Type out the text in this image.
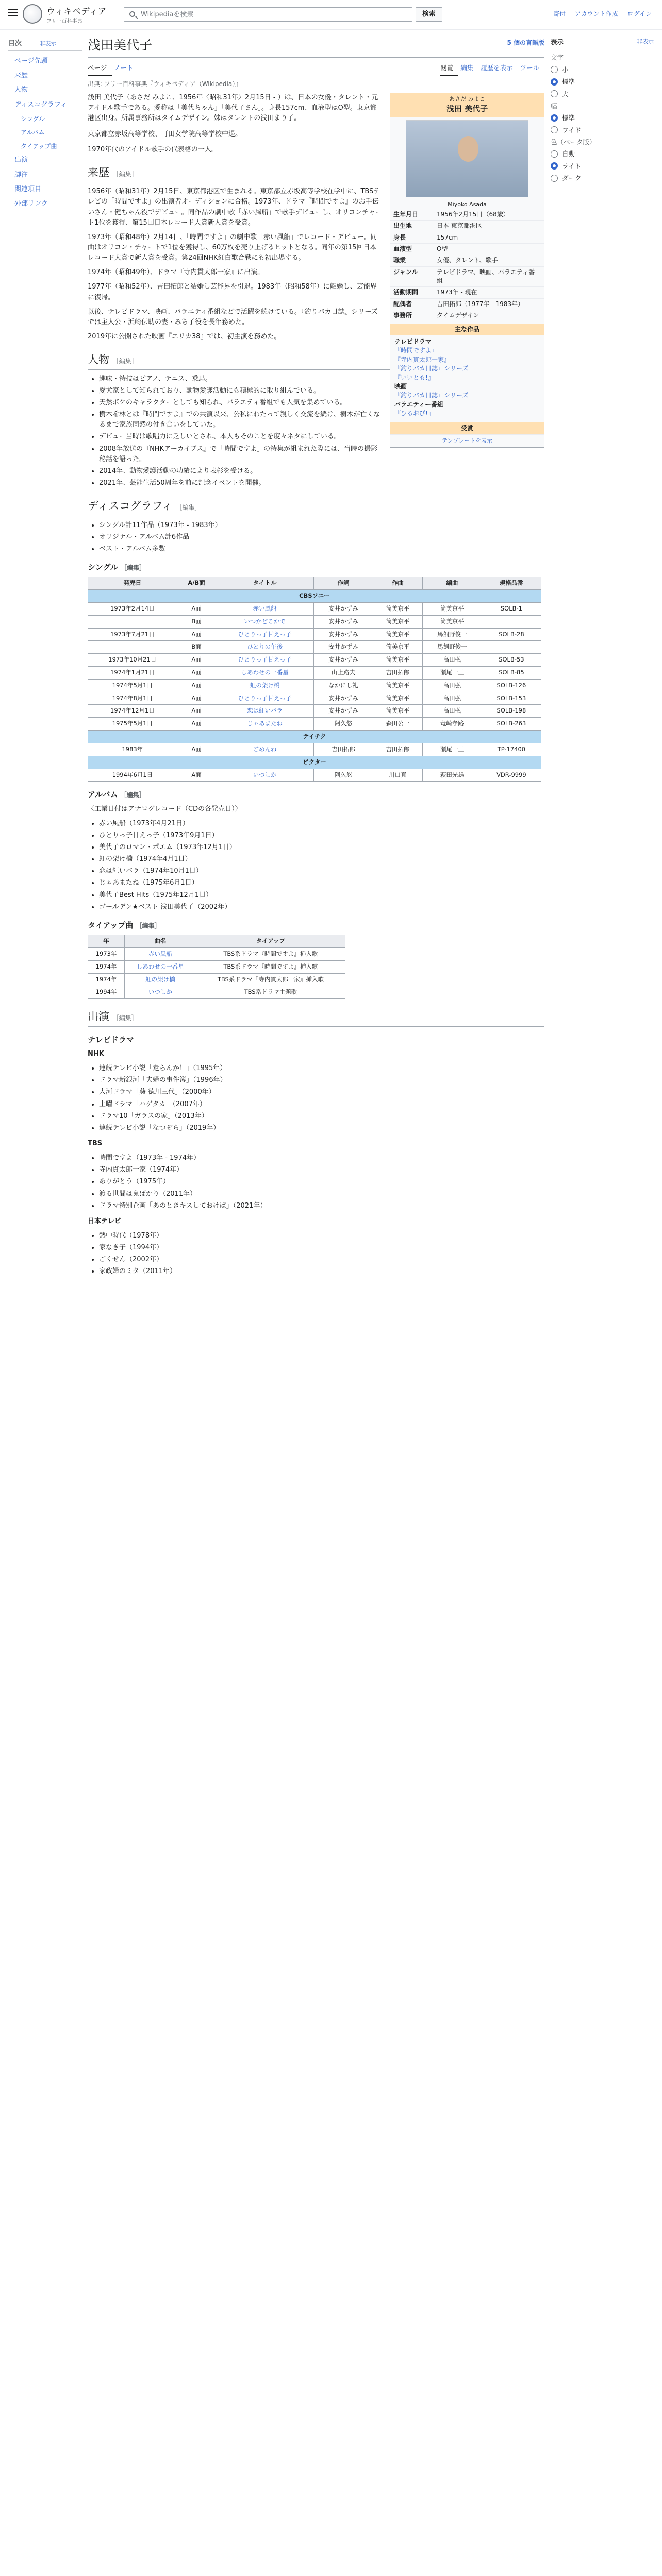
ウィキペディア
フリー百科事典
Wikipediaを検索	検索	寄付 アカウント作成 ログイン
目次	非表示
ページ先頭
来歴
人物
ディスコグラフィ
シングル
アルバム
タイアップ曲
出演
脚注
関連項目
外部リンク
浅田美代子	5 個の言語版
ページ ノート	閲覧 編集 履歴を表示 ツール
出典: フリー百科事典『ウィキペディア（Wikipedia）』
あさだ みよこ
浅田 美代子
Miyoko Asada
生年月日	1956年2月15日（68歳）
出生地	日本 東京都港区
身長	157cm
血液型	O型
職業	女優、タレント、歌手
ジャンル	テレビドラマ、映画、バラエティ番組
活動期間	1973年 - 現在
配偶者	吉田拓郎（1977年 - 1983年）
事務所	タイムデザイン
主な作品
テレビドラマ
『時間ですよ』
『寺内貫太郎一家』
『釣りバカ日誌』シリーズ
『いいとも!』
映画
『釣りバカ日誌』シリーズ
バラエティー番組
『ひるおび!』
受賞
テンプレートを表示

浅田 美代子（あさだ みよこ、1956年〈昭和31年〉2月15日 - ）は、日本の女優・タレント・元アイドル歌手である。愛称は「美代ちゃん」「美代子さん」。身長157cm、血液型はO型。東京都港区出身。所属事務所はタイムデザイン。妹はタレントの浅田まり子。

東京都立赤坂高等学校、町田女学院高等学校中退。

1970年代のアイドル歌手の代表格の一人。

来歴 ［編集］

1956年（昭和31年）2月15日、東京都港区で生まれる。東京都立赤坂高等学校在学中に、TBSテレビの「時間ですよ」の出演者オーディションに合格。1973年、ドラマ『時間ですよ』のお手伝いさん・健ちゃん役でデビュー。同作品の劇中歌「赤い風船」で歌手デビューし、オリコンチャート1位を獲得、第15回日本レコード大賞新人賞を受賞。

1973年（昭和48年）2月14日、「時間ですよ」の劇中歌「赤い風船」でレコード・デビュー。同曲はオリコン・チャートで1位を獲得し、60万枚を売り上げるヒットとなる。同年の第15回日本レコード大賞で新人賞を受賞。第24回NHK紅白歌合戦にも初出場する。

1974年（昭和49年）、ドラマ『寺内貫太郎一家』に出演。

1977年（昭和52年）、吉田拓郎と結婚し芸能界を引退。1983年（昭和58年）に離婚し、芸能界に復帰。

以後、テレビドラマ、映画、バラエティ番組などで活躍を続けている。『釣りバカ日誌』シリーズでは主人公・浜崎伝助の妻・みち子役を長年務めた。

2019年に公開された映画『エリカ38』では、初主演を務めた。

人物 ［編集］
• 趣味・特技はピアノ、テニス、乗馬。
• 愛犬家として知られており、動物愛護活動にも積極的に取り組んでいる。
• 天然ボケのキャラクターとしても知られ、バラエティ番組でも人気を集めている。
• 樹木希林とは『時間ですよ』での共演以来、公私にわたって親しく交流を続け、樹木が亡くなるまで家族同然の付き合いをしていた。
• デビュー当時は歌唱力に乏しいとされ、本人もそのことを度々ネタにしている。
• 2008年放送の『NHKアーカイブス』で「時間ですよ」の特集が組まれた際には、当時の撮影秘話を語った。
• 2014年、動物愛護活動の功績により表彰を受ける。
• 2021年、芸能生活50周年を前に記念イベントを開催。
ディスコグラフィ ［編集］
• シングル計11作品（1973年 - 1983年）
• オリジナル・アルバム計6作品
• ベスト・アルバム多数
シングル ［編集］
発売日	A/B面	タイトル	作詞	作曲	編曲	規格品番
CBSソニー						
1973年2月14日	A面	赤い風船	安井かずみ	筒美京平	筒美京平	SOLB-1
	B面	いつかどこかで	安井かずみ	筒美京平	筒美京平	
1973年7月21日	A面	ひとりっ子甘えっ子	安井かずみ	筒美京平	馬飼野俊一	SOLB-28
	B面	ひとりの午後	安井かずみ	筒美京平	馬飼野俊一	
1973年10月21日	A面	ひとりっ子甘えっ子	安井かずみ	筒美京平	高田弘	SOLB-53
1974年1月21日	A面	しあわせの一番星	山上路夫	吉田拓郎	瀬尾一三	SOLB-85
1974年5月1日	A面	虹の架け橋	なかにし礼	筒美京平	高田弘	SOLB-126
1974年8月1日	A面	ひとりっ子甘えっ子	安井かずみ	筒美京平	高田弘	SOLB-153
1974年12月1日	A面	恋は紅いバラ	安井かずみ	筒美京平	高田弘	SOLB-198
1975年5月1日	A面	じゃあまたね	阿久悠	森田公一	竜崎孝路	SOLB-263
テイチク						
1983年	A面	ごめんね	吉田拓郎	吉田拓郎	瀬尾一三	TP-17400
ビクター						
1994年6月1日	A面	いつしか	阿久悠	川口真	萩田光雄	VDR-9999
アルバム ［編集］

〈工業日付はアナログレコード（CDの各発売日）〉

• 赤い風船（1973年4月21日）
• ひとりっ子甘えっ子（1973年9月1日）
• 美代子のロマン・ポエム（1973年12月1日）
• 虹の架け橋（1974年4月1日）
• 恋は紅いバラ（1974年10月1日）
• じゃあまたね（1975年6月1日）
• 美代子Best Hits（1975年12月1日）
• ゴールデン★ベスト 浅田美代子（2002年）
タイアップ曲 ［編集］
年	曲名	タイアップ
1973年	赤い風船	TBS系ドラマ『時間ですよ』挿入歌
1974年	しあわせの一番星	TBS系ドラマ『時間ですよ』挿入歌
1974年	虹の架け橋	TBS系ドラマ『寺内貫太郎一家』挿入歌
1994年	いつしか	TBS系ドラマ主題歌
出演 ［編集］
テレビドラマ

NHK

• 連続テレビ小説「走らんか！」（1995年）
• ドラマ新銀河「夫婦の事件簿」（1996年）
• 大河ドラマ「葵 徳川三代」（2000年）
• 土曜ドラマ「ハゲタカ」（2007年）
• ドラマ10「ガラスの家」（2013年）
• 連続テレビ小説「なつぞら」（2019年）

TBS

• 時間ですよ（1973年 - 1974年）
• 寺内貫太郎一家（1974年）
• ありがとう（1975年）
• 渡る世間は鬼ばかり（2011年）
• ドラマ特別企画「あのときキスしておけば」（2021年）

日本テレビ

• 熱中時代（1978年）
• 家なき子（1994年）
• ごくせん（2002年）
• 家政婦のミタ（2011年）
表示	非表示
文字
小
標準
大
幅
標準
ワイド
色（ベータ版）
自動
ライト
ダーク
